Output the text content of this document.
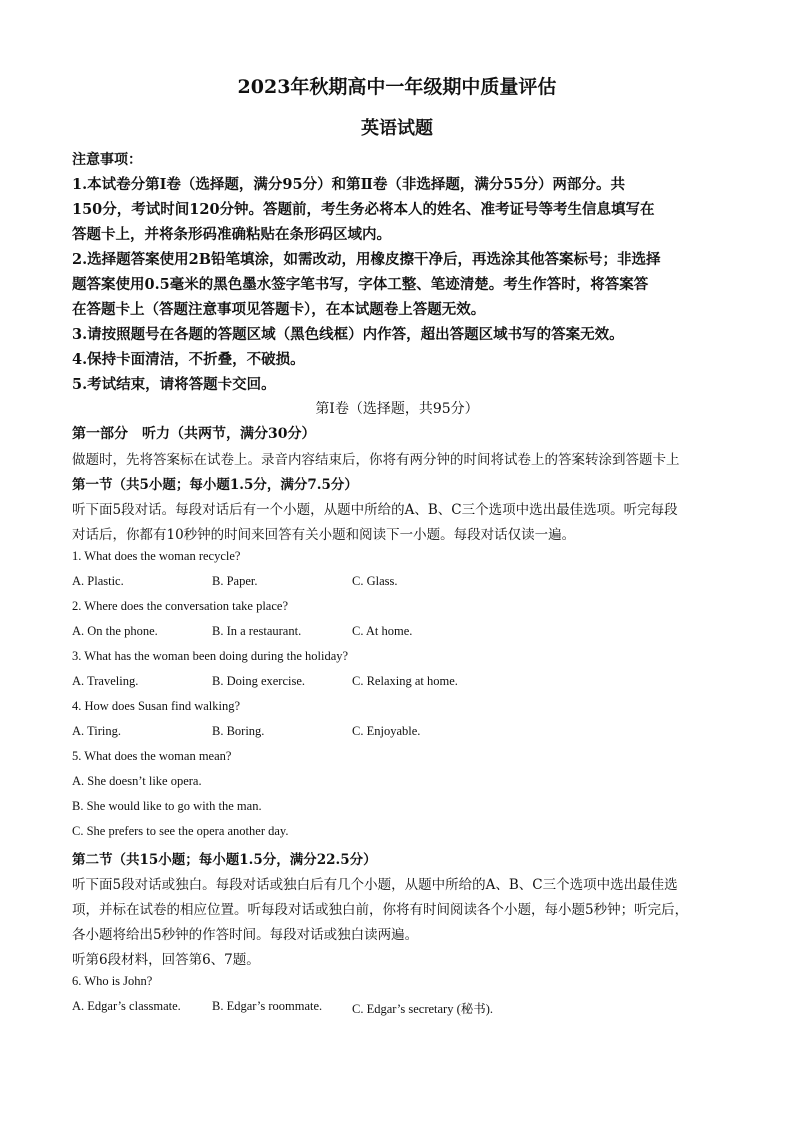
2023年秋期高中一年级期中质量评估
英语试题
注意事项：
1.本试卷分第Ⅰ卷（选择题，满分95分）和第Ⅱ卷（非选择题，满分55分）两部分。共
150分，考试时间120分钟。答题前，考生务必将本人的姓名、准考证号等考生信息填写在
答题卡上，并将条形码准确粘贴在条形码区域内。
2.选择题答案使用2B铅笔填涂，如需改动，用橡皮擦干净后，再选涂其他答案标号；非选择
题答案使用0.5毫米的黑色墨水签字笔书写，字体工整、笔迹清楚。考生作答时，将答案答
在答题卡上（答题注意事项见答题卡），在本试题卷上答题无效。
3.请按照题号在各题的答题区域（黑色线框）内作答，超出答题区域书写的答案无效。
4.保持卡面清洁，不折叠，不破损。
5.考试结束，请将答题卡交回。
第Ⅰ卷（选择题，共95分）
第一部分　听力（共两节，满分30分）
做题时，先将答案标在试卷上。录音内容结束后，你将有两分钟的时间将试卷上的答案转涂到答题卡上
第一节（共5小题；每小题1.5分，满分7.5分）
听下面5段对话。每段对话后有一个小题，从题中所给的A、B、C三个选项中选出最佳选项。听完每段
对话后，你都有10秒钟的时间来回答有关小题和阅读下一小题。每段对话仅读一遍。
1. What does the woman recycle?
A. Plastic.	B. Paper.	C. Glass.
2. Where does the conversation take place?
A. On the phone.	B. In a restaurant.	C. At home.
3. What has the woman been doing during the holiday?
A. Traveling.	B. Doing exercise.	C. Relaxing at home.
4. How does Susan find walking?
A. Tiring.	B. Boring.	C. Enjoyable.
5. What does the woman mean?
A. She doesn’t like opera.
B. She would like to go with the man.
C. She prefers to see the opera another day.
第二节（共15小题；每小题1.5分，满分22.5分）
听下面5段对话或独白。每段对话或独白后有几个小题，从题中所给的A、B、C三个选项中选出最佳选
项，并标在试卷的相应位置。听每段对话或独白前，你将有时间阅读各个小题，每小题5秒钟；听完后，
各小题将给出5秒钟的作答时间。每段对话或独白读两遍。
听第6段材料，回答第6、7题。
6. Who is John?
A. Edgar’s classmate. B. Edgar’s roommate. C. Edgar’s secretary (秘书).
